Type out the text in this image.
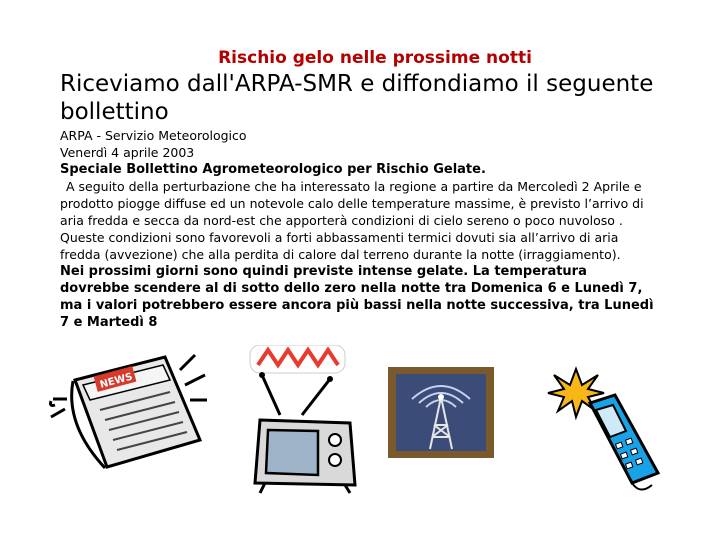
Rischio gelo nelle prossime notti
Riceviamo dall'ARPA-SMR e diffondiamo il seguente bollettino

ARPA - Servizio Meteorologico

Venerdì 4 aprile 2003

Speciale Bollettino Agrometeorologico per Rischio Gelate.

A seguito della perturbazione che ha interessato la regione a partire da Mercoledì 2 Aprile e prodotto piogge diffuse ed un notevole calo delle temperature massime, è previsto l’arrivo di aria fredda e secca da nord-est che apporterà condizioni di cielo sereno o poco nuvoloso .

Queste condizioni sono favorevoli a forti abbassamenti termici dovuti sia all’arrivo di aria fredda (avvezione) che alla perdita di calore dal terreno durante la notte (irraggiamento).

Nei prossimi giorni sono quindi previste intense gelate. La temperatura dovrebbe scendere al di sotto dello zero nella notte tra Domenica 6 e Lunedì 7, ma i valori potrebbero essere ancora più bassi nella notte successiva, tra Lunedì 7 e Martedì 8

NEWS
